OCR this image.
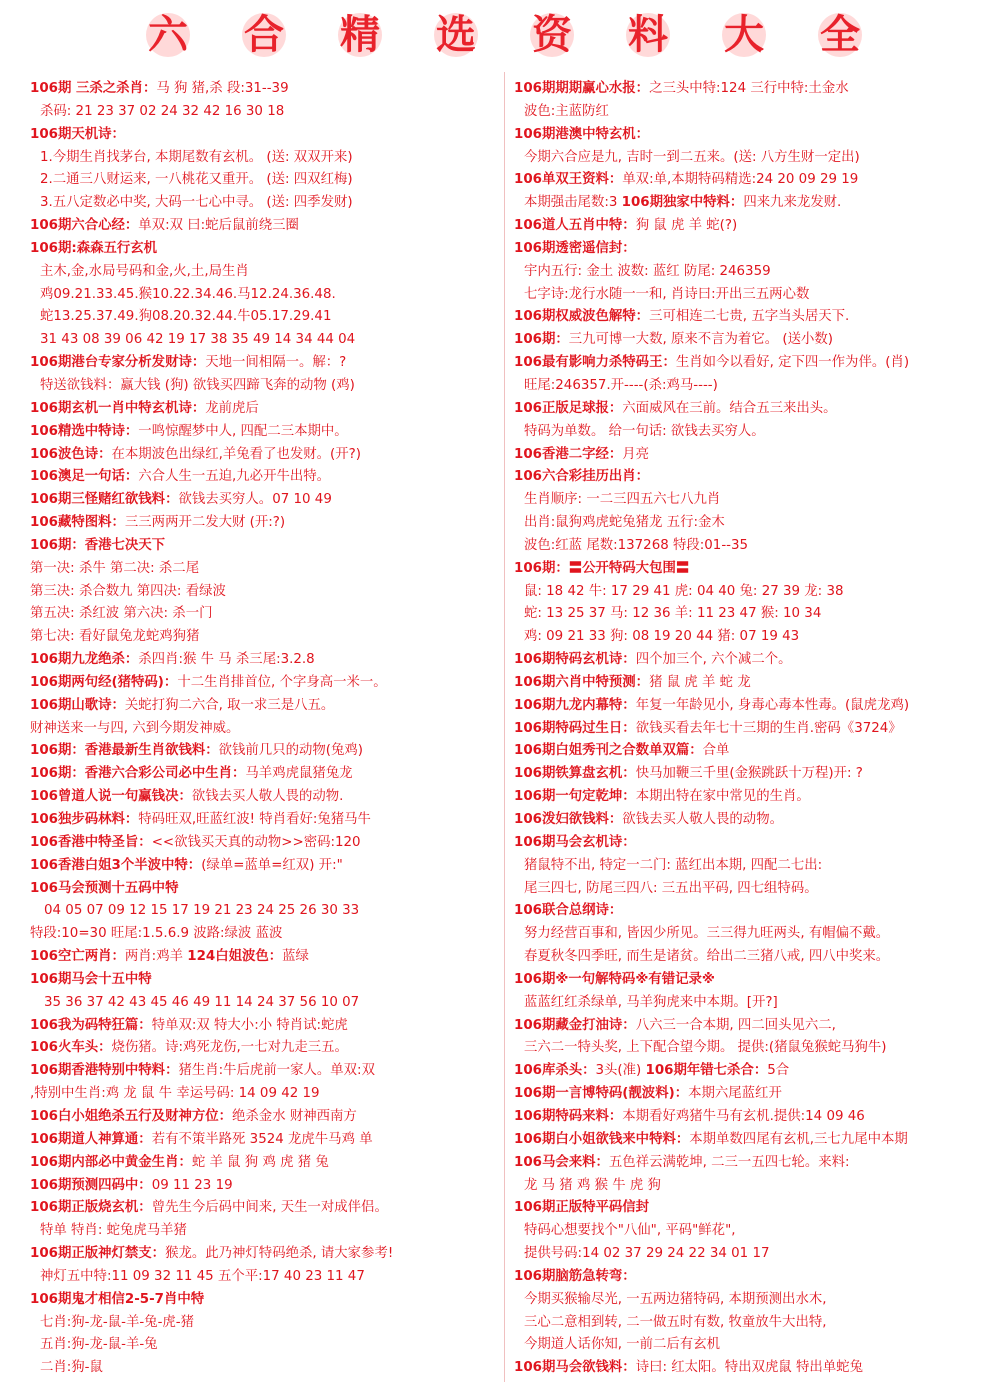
六 合 精 选 资 料 大 全
106期 三杀之杀肖：马 狗 猪,杀 段:31--39
杀码: 21 23 37 02 24 32 42 16 30 18
106期天机诗：
1.今期生肖找茅台, 本期尾数有玄机。 (送: 双双开来)
2.二通三八财运来, 一八桃花又重开。 (送: 四双红梅)
3.五八定数必中奖, 大码一七心中寻。 (送: 四季发财)
106期六合心经：单双:双 曰:蛇后鼠前绕三圈
106期:森森五行玄机
主木,金,水局号码和金,火,土,局生肖
鸡09.21.33.45.猴10.22.34.46.马12.24.36.48.
蛇13.25.37.49.狗08.20.32.44.牛05.17.29.41
31 43 08 39 06 42 19 17 38 35 49 14 34 44 04
106期港台专家分析发财诗：天地一间相隔一。解：?
特送欲钱料：赢大钱 (狗) 欲钱买四蹄飞奔的动物 (鸡)
106期玄机一肖中特玄机诗：龙前虎后
106精选中特诗：一鸣惊醒梦中人, 四配二三本期中。
106波色诗：在本期波色出绿红,羊兔看了也发财。(开?)
106澳足一句话：六合人生一五迫,九必开牛出特。
106期三怪赌红欲钱料：欲钱去买穷人。07 10 49
106藏特图料：三三两两开二发大财 (开:?)
106期：香港七决天下
第一决: 杀牛 第二决: 杀二尾
第三决: 杀合数九 第四决: 看绿波
第五决: 杀红波 第六决: 杀一门
第七决: 看好鼠兔龙蛇鸡狗猪
106期九龙绝杀：杀四肖:猴 牛 马 杀三尾:3.2.8
106期两句经(猪特码)：十二生肖排首位, 个字身高一米一。
106期山歌诗：关蛇打狗二六合, 取一求三是八五。
财神送来一与四, 六到今期发神威。
106期：香港最新生肖欲钱料：欲钱前几只的动物(兔鸡)
106期：香港六合彩公司必中生肖：马羊鸡虎鼠猪兔龙
106曾道人说一句赢钱决：欲钱去买人敬人畏的动物.
106独步码林料：特码旺双,旺蓝红波! 特肖看好:兔猪马牛
106香港中特圣旨：<<欲钱买天真的动物>>密码:120
106香港白姐3个半波中特：(绿单=蓝单=红双) 开:"
106马会预测十五码中特
04 05 07 09 12 15 17 19 21 23 24 25 26 30 33
特段:10=30 旺尾:1.5.6.9 波路:绿波 蓝波
106空亡两肖：两肖:鸡羊 124白姐波色：蓝绿
106期马会十五中特
35 36 37 42 43 45 46 49 11 14 24 37 56 10 07
106我为码特狂篇：特单双:双 特大小:小 特肖试:蛇虎
106火车头：烧伤猪。诗:鸡死龙伤,一七对九走三五。
106期香港特别中特料：猪生肖:牛后虎前一家人。单双:双
,特别中生肖:鸡 龙 鼠 牛 幸运号码: 14 09 42 19
106白小姐绝杀五行及财神方位：绝杀金水 财神西南方
106期道人神算通：若有不策半路死 3524 龙虎牛马鸡 单
106期内部必中黄金生肖：蛇 羊 鼠 狗 鸡 虎 猪 兔
106期预测四码中：09 11 23 19
106期正版烧玄机：曾先生今后码中间来, 天生一对成伴侣。
特单 特肖: 蛇兔虎马羊猪
106期正版神灯禁支：猴龙。此乃神灯特码绝杀, 请大家参考!
神灯五中特:11 09 32 11 45 五个平:17 40 23 11 47
106期鬼才相信2-5-7肖中特
七肖:狗-龙-鼠-羊-兔-虎-猪
五肖:狗-龙-鼠-羊-兔
二肖:狗-鼠
106期期期赢心水报：之三头中特:124 三行中特:土金水
波色:主蓝防红
106期港澳中特玄机：
今期六合应是九, 吉时一到二五来。(送: 八方生财一定出)
106单双王资料：单双:单,本期特码精选:24 20 09 29 19
本期强击尾数:3 106期独家中特料：四来九来龙发财.
106道人五肖中特：狗 鼠 虎 羊 蛇(?)
106期透密遥信封：
宇内五行: 金土 波数: 蓝红 防尾: 246359
七字诗:龙行水随一一和, 肖诗曰:开出三五两心数
106期权威波色解特：三可相连二七贵, 五字当头居天下.
106期：三九可博一大数, 原来不言为着它。 (送小数)
106最有影响力杀特码王：生肖如今以看好, 定下四一作为伴。(肖)
旺尾:246357.开----(杀:鸡马----)
106正版足球报：六面威风在三前。结合五三来出头。
特码为单数。 给一句话: 欲钱去买穷人。
106香港二字经：月亮
106六合彩挂历出肖：
生肖顺序: 一二三四五六七八九肖
出肖:鼠狗鸡虎蛇兔猪龙 五行:金木
波色:红蓝 尾数:137268 特段:01--35
106期：〓公开特码大包围〓
鼠: 18 42 牛: 17 29 41 虎: 04 40 兔: 27 39 龙: 38
蛇: 13 25 37 马: 12 36 羊: 11 23 47 猴: 10 34
鸡: 09 21 33 狗: 08 19 20 44 猪: 07 19 43
106期特码玄机诗：四个加三个, 六个减二个。
106期六肖中特预测：猪 鼠 虎 羊 蛇 龙
106期九龙内幕特：年复一年龄见小, 身毒心毒本性毒。(鼠虎龙鸡)
106期特码过生日：欲钱买看去年七十三期的生肖.密码《3724》
106期白姐秀刊之合数单双篇：合单
106期铁算盘玄机：快马加鞭三千里(金猴跳跃十万程)开: ?
106期一句定乾坤：本期出特在家中常见的生肖。
106泼妇欲钱料：欲钱去买人敬人畏的动物。
106期马会玄机诗：
猪鼠特不出, 特定一二门: 蓝红出本期, 四配二七出:
尾三四七, 防尾三四八: 三五出平码, 四七组特码。
106联合总纲诗：
努力经营百事和, 皆因少所见。三三得九旺两头, 有帽偏不戴。
春夏秋冬四季旺, 而生是诸贫。给出二三猪八戒, 四八中奖来。
106期※一句解特码※有错记录※
蓝蓝红红杀绿单, 马羊狗虎来中本期。[开?]
106期藏金打油诗：八六三一合本期, 四二回头见六二,
三六二一特头奖, 上下配合望今期。 提供:(猪鼠兔猴蛇马狗牛)
106库杀头：3头(准) 106期年错七杀合：5合
106期一言博特码(靓波料)：本期六尾蓝红开
106期特码来料：本期看好鸡猪牛马有玄机.提供:14 09 46
106期白小姐欲钱来中特料：本期单数四尾有玄机,三七九尾中本期
106马会来料：五色祥云满乾坤, 二三一五四七轮。来料:
龙 马 猪 鸡 猴 牛 虎 狗
106期正版特平码信封
特码心想要找个"八仙", 平码"鲜花",
提供号码:14 02 37 29 24 22 34 01 17
106期脑筋急转弯：
今期买猴输尽光, 一五两边猪特码, 本期预测出水木,
三心二意相到转, 二一做五时有数, 牧童放牛大出特,
今期道人话你知, 一前二后有玄机
106期马会欲钱料：诗曰: 红太阳。特出双虎鼠 特出单蛇兔
